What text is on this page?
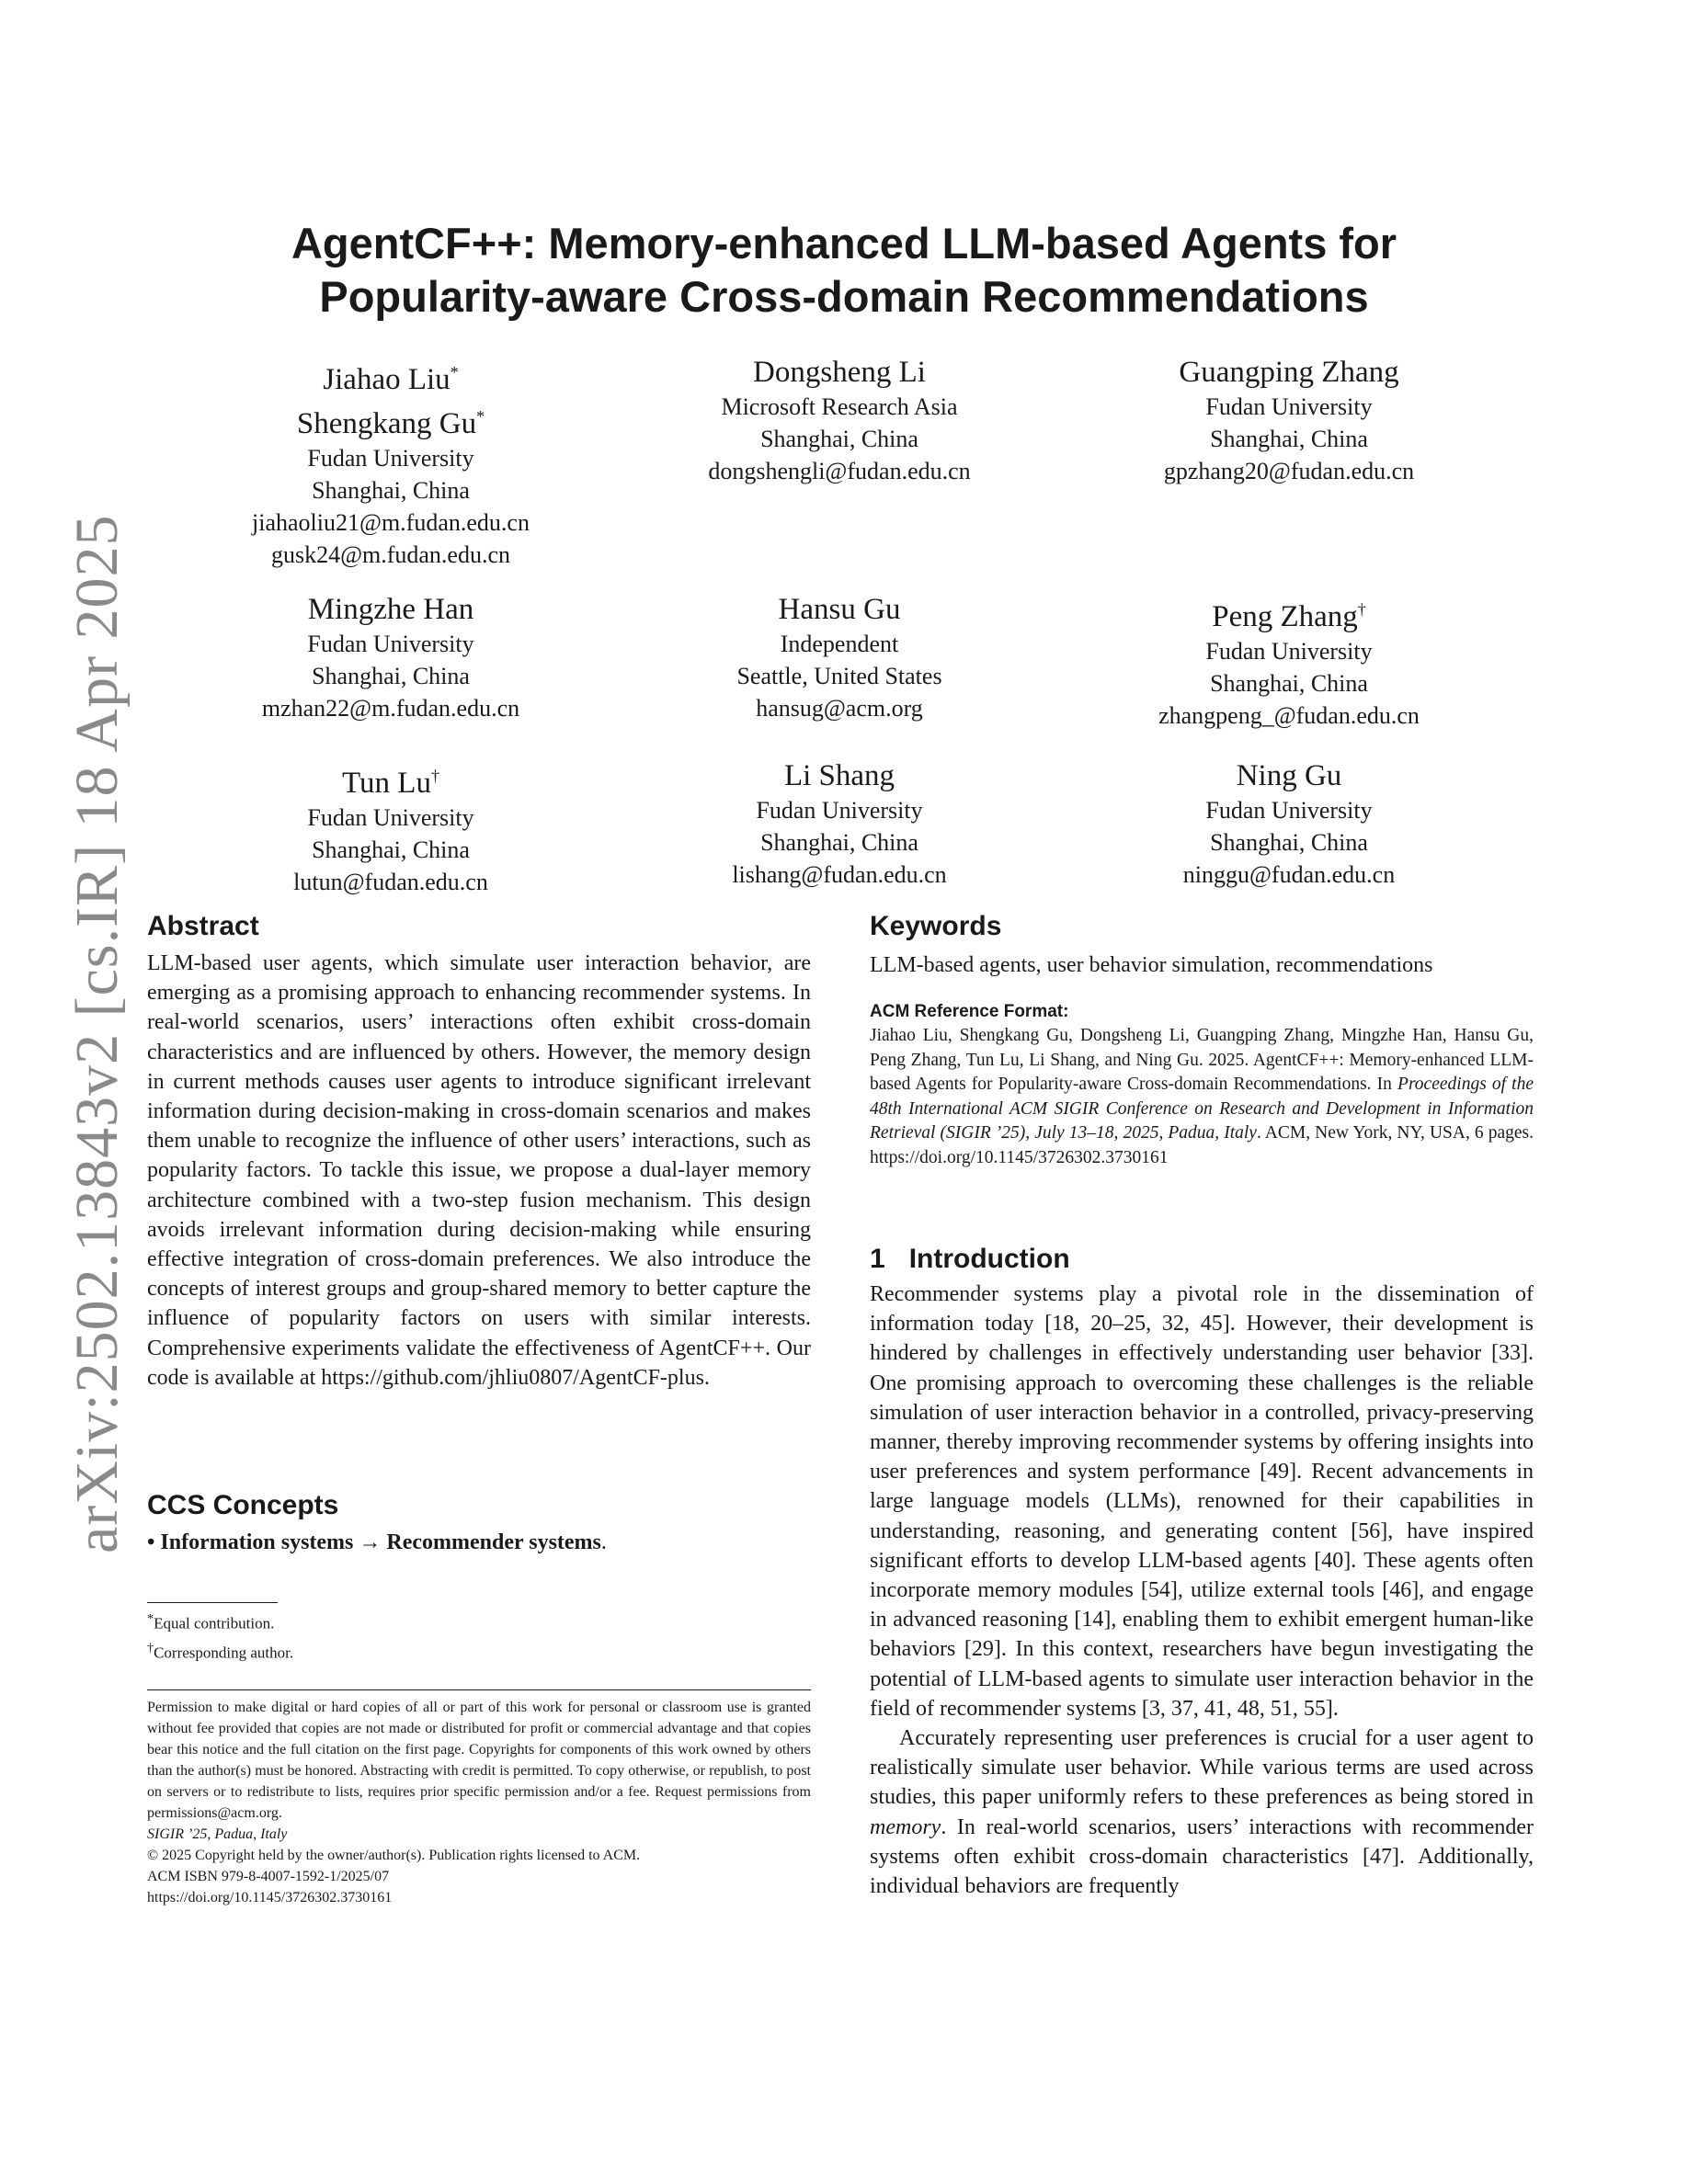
arXiv:2502.13843v2 [cs.IR] 18 Apr 2025
AgentCF++: Memory-enhanced LLM-based Agents for
Popularity-aware Cross-domain Recommendations
Jiahao Liu*
Shengkang Gu*
Fudan University
Shanghai, China
jiahaoliu21@m.fudan.edu.cn
gusk24@m.fudan.edu.cn
Dongsheng Li
Microsoft Research Asia
Shanghai, China
dongshengli@fudan.edu.cn
Guangping Zhang
Fudan University
Shanghai, China
gpzhang20@fudan.edu.cn
Mingzhe Han
Fudan University
Shanghai, China
mzhan22@m.fudan.edu.cn
Hansu Gu
Independent
Seattle, United States
hansug@acm.org
Peng Zhang†
Fudan University
Shanghai, China
zhangpeng_@fudan.edu.cn
Tun Lu†
Fudan University
Shanghai, China
lutun@fudan.edu.cn
Li Shang
Fudan University
Shanghai, China
lishang@fudan.edu.cn
Ning Gu
Fudan University
Shanghai, China
ninggu@fudan.edu.cn
Abstract

LLM-based user agents, which simulate user interaction behavior, are emerging as a promising approach to enhancing recommender systems. In real-world scenarios, users’ interactions often exhibit cross-domain characteristics and are influenced by others. However, the memory design in current methods causes user agents to introduce significant irrelevant information during decision-making in cross-domain scenarios and makes them unable to recognize the influence of other users’ interactions, such as popularity factors. To tackle this issue, we propose a dual-layer memory architecture combined with a two-step fusion mechanism. This design avoids irrelevant information during decision-making while ensuring effective integration of cross-domain preferences. We also introduce the concepts of interest groups and group-shared memory to better capture the influence of popularity factors on users with similar interests. Comprehensive experiments validate the effectiveness of AgentCF++. Our code is available at https://github.com/jhliu0807/AgentCF-plus.

CCS Concepts

• Information systems → Recommender systems.

*Equal contribution.

†Corresponding author.

Permission to make digital or hard copies of all or part of this work for personal or classroom use is granted without fee provided that copies are not made or distributed for profit or commercial advantage and that copies bear this notice and the full citation on the first page. Copyrights for components of this work owned by others than the author(s) must be honored. Abstracting with credit is permitted. To copy otherwise, or republish, to post on servers or to redistribute to lists, requires prior specific permission and/or a fee. Request permissions from permissions@acm.org.

SIGIR ’25, Padua, Italy

© 2025 Copyright held by the owner/author(s). Publication rights licensed to ACM.

ACM ISBN 979-8-4007-1592-1/2025/07

https://doi.org/10.1145/3726302.3730161

Keywords

LLM-based agents, user behavior simulation, recommendations

ACM Reference Format:

Jiahao Liu, Shengkang Gu, Dongsheng Li, Guangping Zhang, Mingzhe Han, Hansu Gu, Peng Zhang, Tun Lu, Li Shang, and Ning Gu. 2025. AgentCF++: Memory-enhanced LLM-based Agents for Popularity-aware Cross-domain Recommendations. In Proceedings of the 48th International ACM SIGIR Conference on Research and Development in Information Retrieval (SIGIR ’25), July 13–18, 2025, Padua, Italy. ACM, New York, NY, USA, 6 pages. https://doi.org/10.1145/3726302.3730161

1 Introduction

Recommender systems play a pivotal role in the dissemination of information today [18, 20–25, 32, 45]. However, their development is hindered by challenges in effectively understanding user behavior [33]. One promising approach to overcoming these challenges is the reliable simulation of user interaction behavior in a controlled, privacy-preserving manner, thereby improving recommender systems by offering insights into user preferences and system performance [49]. Recent advancements in large language models (LLMs), renowned for their capabilities in understanding, reasoning, and generating content [56], have inspired significant efforts to develop LLM-based agents [40]. These agents often incorporate memory modules [54], utilize external tools [46], and engage in advanced reasoning [14], enabling them to exhibit emergent human-like behaviors [29]. In this context, researchers have begun investigating the potential of LLM-based agents to simulate user interaction behavior in the field of recommender systems [3, 37, 41, 48, 51, 55].

Accurately representing user preferences is crucial for a user agent to realistically simulate user behavior. While various terms are used across studies, this paper uniformly refers to these preferences as being stored in memory. In real-world scenarios, users’ interactions with recommender systems often exhibit cross-domain characteristics [47]. Additionally, individual behaviors are frequently
